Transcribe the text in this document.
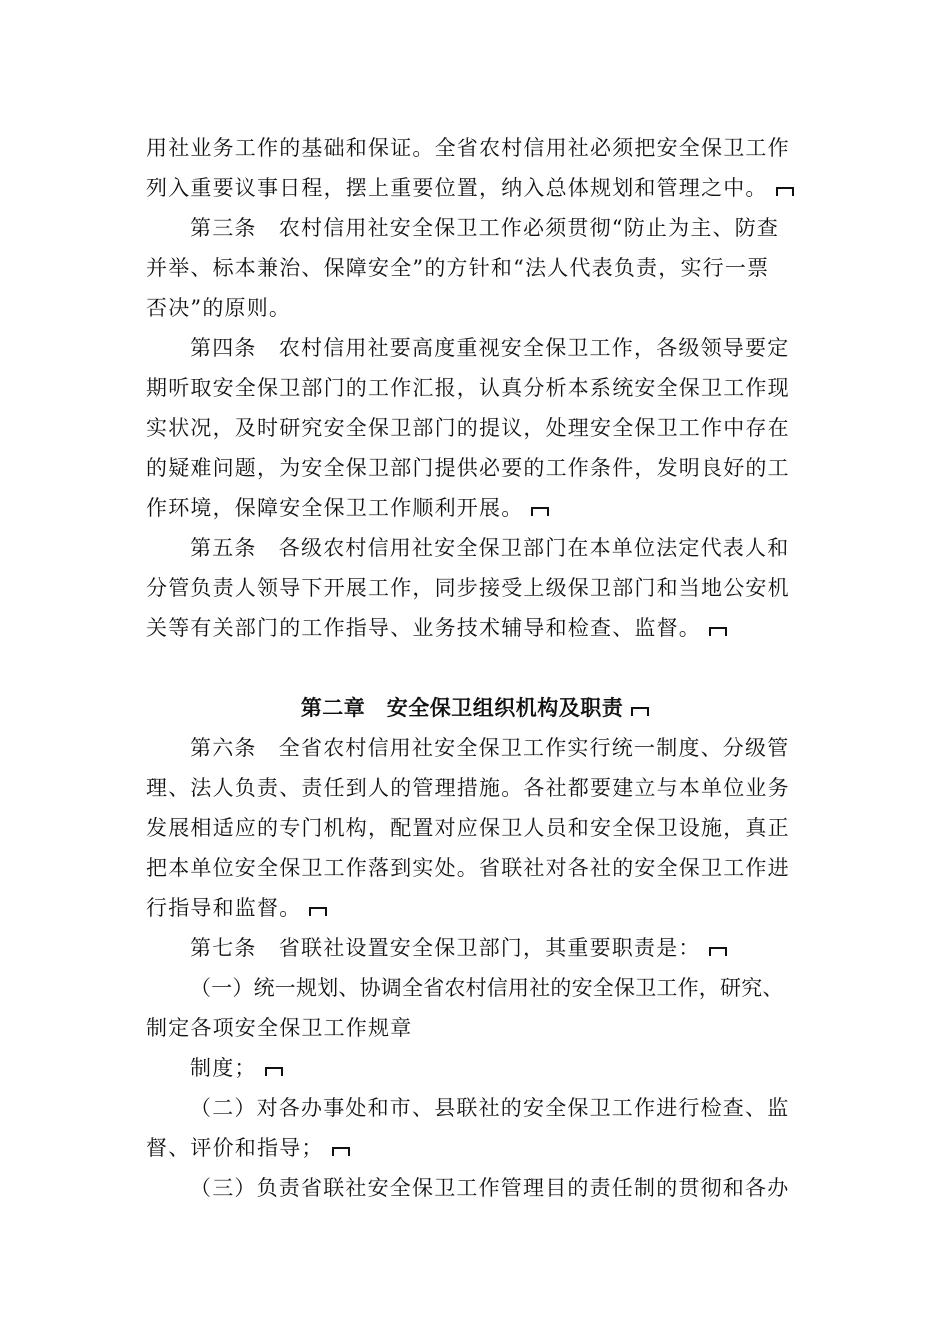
用社业务工作的基础和保证。全省农村信用社必须把安全保卫工作
列入重要议事日程，摆上重要位置，纳入总体规划和管理之中。
第三条　农村信用社安全保卫工作必须贯彻“防止为主、防查
并举、标本兼治、保障安全”的方针和“法人代表负责，实行一票
否决”的原则。
第四条　农村信用社要高度重视安全保卫工作，各级领导要定
期听取安全保卫部门的工作汇报，认真分析本系统安全保卫工作现
实状况，及时研究安全保卫部门的提议，处理安全保卫工作中存在
的疑难问题，为安全保卫部门提供必要的工作条件，发明良好的工
作环境，保障安全保卫工作顺利开展。
第五条　各级农村信用社安全保卫部门在本单位法定代表人和
分管负责人领导下开展工作，同步接受上级保卫部门和当地公安机
关等有关部门的工作指导、业务技术辅导和检查、监督。
第二章　安全保卫组织机构及职责
第六条　全省农村信用社安全保卫工作实行统一制度、分级管
理、法人负责、责任到人的管理措施。各社都要建立与本单位业务
发展相适应的专门机构，配置对应保卫人员和安全保卫设施，真正
把本单位安全保卫工作落到实处。省联社对各社的安全保卫工作进
行指导和监督。
第七条　省联社设置安全保卫部门，其重要职责是：
（一）统一规划、协调全省农村信用社的安全保卫工作，研究、
制定各项安全保卫工作规章
制度；
（二）对各办事处和市、县联社的安全保卫工作进行检查、监
督、评价和指导；
（三）负责省联社安全保卫工作管理目的责任制的贯彻和各办
